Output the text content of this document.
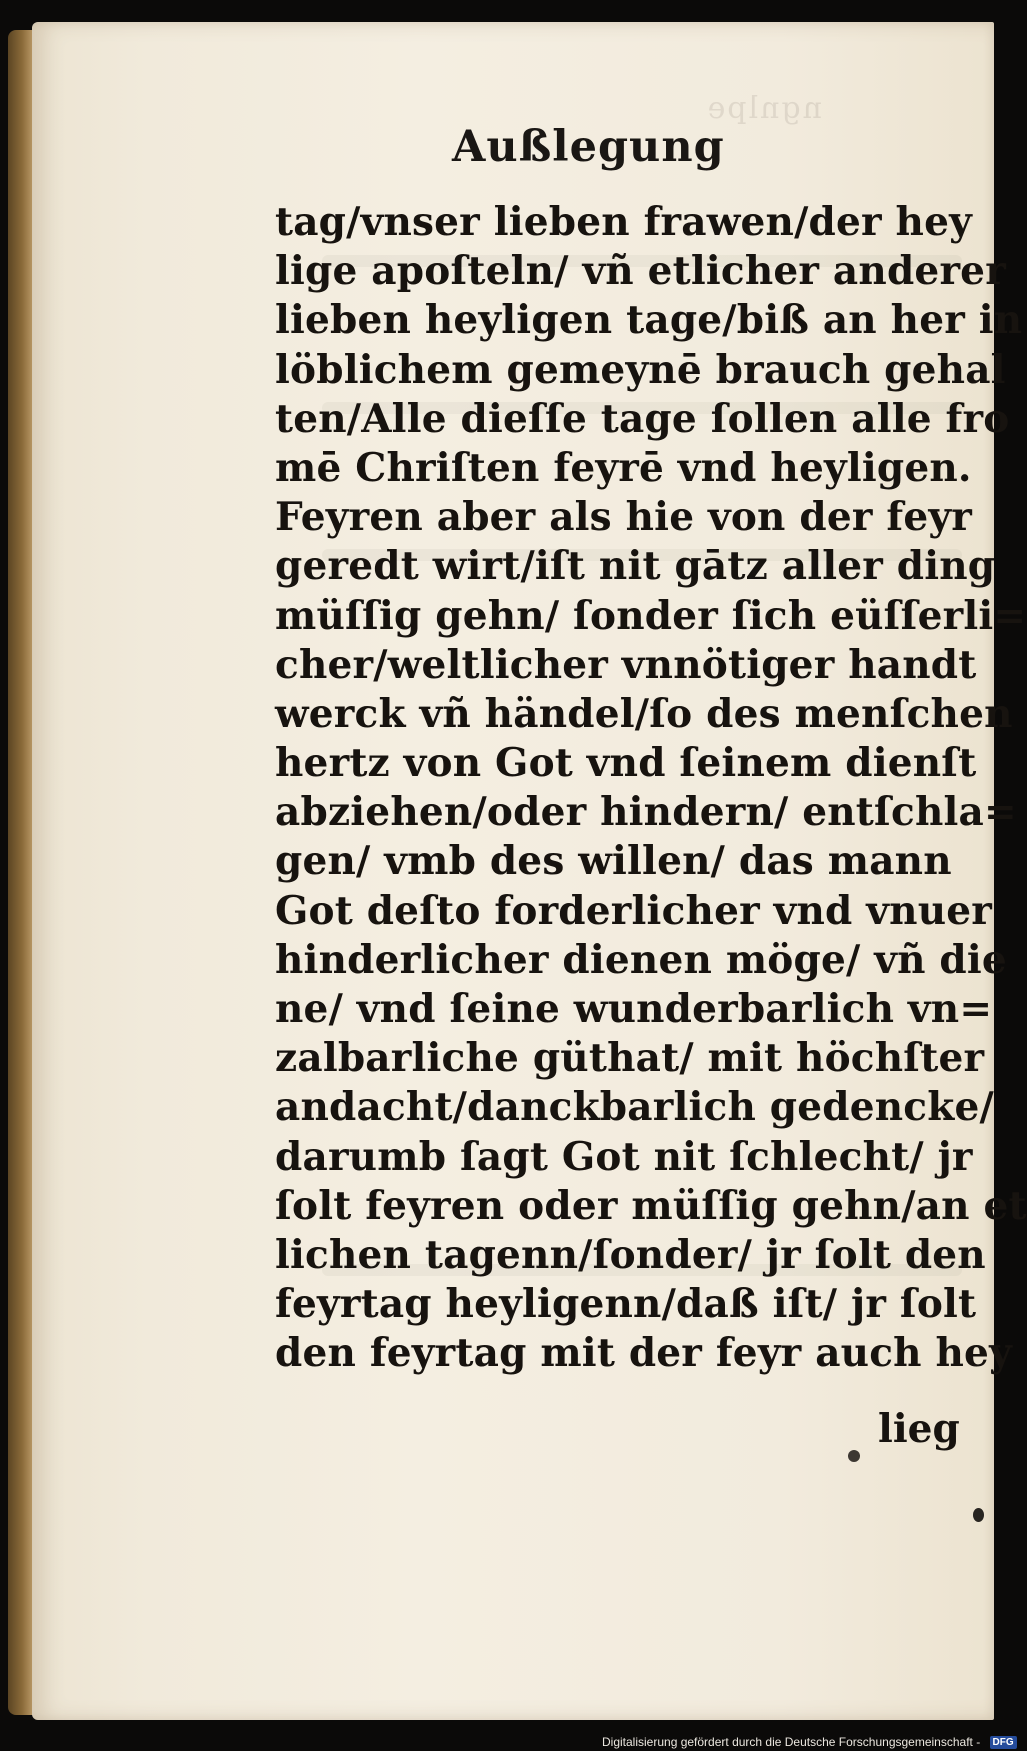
ngnlpe
Außlegung
tag/vnser lieben frawen/der hey
lige apoſteln/ vñ etlicher anderer
lieben heyligen tage/biß an her in
löblichem gemeynē brauch gehal
ten/Alle dieſſe tage ſollen alle fro
mē Chriſten feyrē vnd heyligen.
Feyren aber als hie von der feyr
geredt wirt/iſt nit gātz aller ding
müſſig gehn/ ſonder ſich eüſſerli=
cher/weltlicher vnnötiger handt
werck vñ händel/ſo des menſchen
hertz von Got vnd ſeinem dienſt
abziehen/oder hindern/ entſchla=
gen/ vmb des willen/ das mann
Got deſto forderlicher vnd vnuer
hinderlicher dienen möge/ vñ die
ne/ vnd ſeine wunderbarlich vn=
zalbarliche güthat/ mit höchſter
andacht/danckbarlich gedencke/
darumb ſagt Got nit ſchlecht/ jr
ſolt feyren oder müſſig gehn/an et
lichen tagenn/ſonder/ jr ſolt den
feyrtag heyligenn/daß iſt/ jr ſolt
den feyrtag mit der feyr auch hey
lieg
Digitalisierung gefördert durch die Deutsche Forschungsgemeinschaft - DFG
